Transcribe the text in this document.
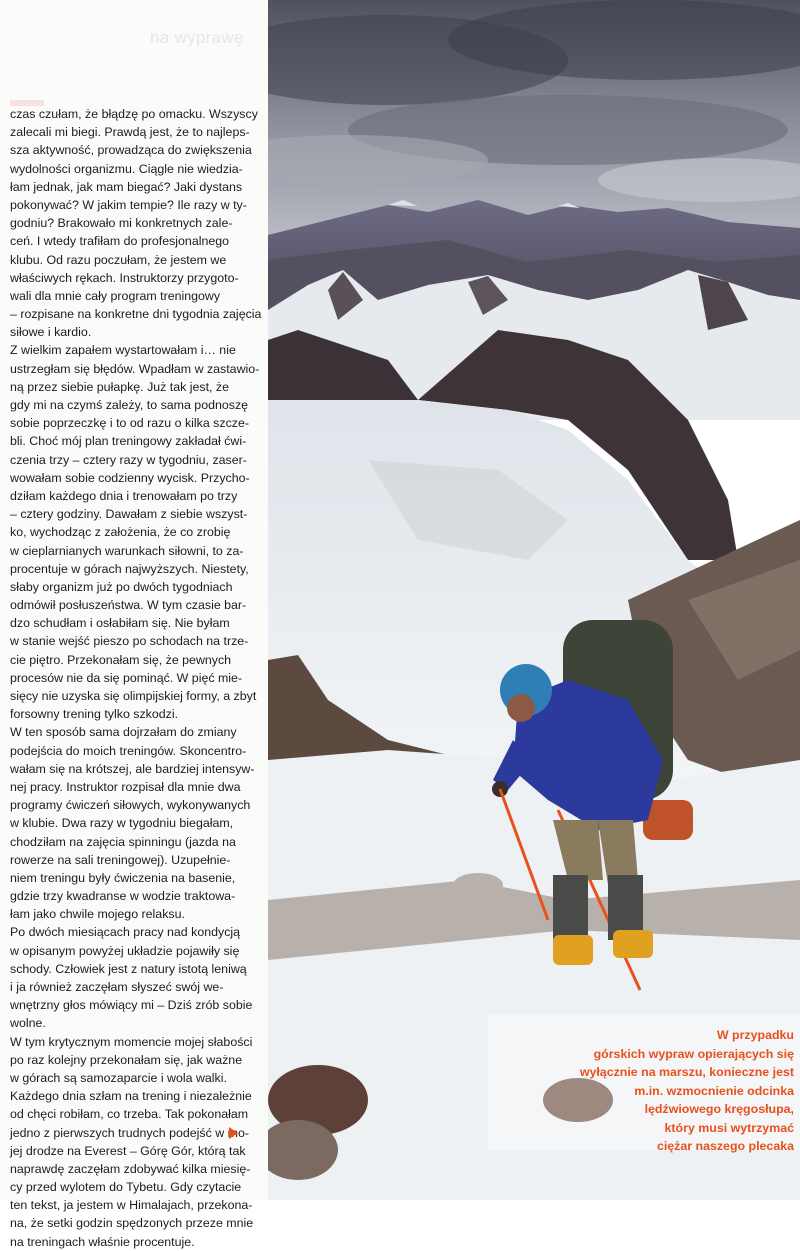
na wyprawę
czas czułam, że błądzę po omacku. Wszyscy
zalecali mi biegi. Prawdą jest, że to najleps-
sza aktywność, prowadząca do zwiększenia
wydolności organizmu. Ciągle nie wiedzia-
łam jednak, jak mam biegać? Jaki dystans
pokonywać? W jakim tempie? Ile razy w ty-
godniu? Brakowało mi konkretnych zale-
ceń. I wtedy trafiłam do profesjonalnego
klubu. Od razu poczułam, że jestem we
właściwych rękach. Instruktorzy przygoto-
wali dla mnie cały program treningowy
– rozpisane na konkretne dni tygodnia zajęcia
siłowe i kardio.
Z wielkim zapałem wystartowałam i… nie
ustrzegłam się błędów. Wpadłam w zastawio-
ną przez siebie pułapkę. Już tak jest, że
gdy mi na czymś zależy, to sama podnoszę
sobie poprzeczkę i to od razu o kilka szcze-
bli. Choć mój plan treningowy zakładał ćwi-
czenia trzy – cztery razy w tygodniu, zaser-
wowałam sobie codzienny wycisk. Przycho-
dziłam każdego dnia i trenowałam po trzy
– cztery godziny. Dawałam z siebie wszyst-
ko, wychodząc z założenia, że co zrobię
w cieplarnianych warunkach siłowni, to za-
procentuje w górach najwyższych. Niestety,
słaby organizm już po dwóch tygodniach
odmówił posłuszeństwa. W tym czasie bar-
dzo schudłam i osłabiłam się. Nie byłam
w stanie wejść pieszo po schodach na trze-
cie piętro. Przekonałam się, że pewnych
procesów nie da się pominąć. W pięć mie-
sięcy nie uzyska się olimpijskiej formy, a zbyt
forsowny trening tylko szkodzi.
W ten sposób sama dojrzałam do zmiany
podejścia do moich treningów. Skoncentro-
wałam się na krótszej, ale bardziej intensyw-
nej pracy. Instruktor rozpisał dla mnie dwa
programy ćwiczeń siłowych, wykonywanych
w klubie. Dwa razy w tygodniu biegałam,
chodziłam na zajęcia spinningu (jazda na
rowerze na sali treningowej). Uzupełnie-
niem treningu były ćwiczenia na basenie,
gdzie trzy kwadranse w wodzie traktowa-
łam jako chwile mojego relaksu.
Po dwóch miesiącach pracy nad kondycją
w opisanym powyżej układzie pojawiły się
schody. Człowiek jest z natury istotą leniwą
i ja również zaczęłam słyszeć swój we-
wnętrzny głos mówiący mi – Dziś zrób sobie
wolne.
W tym krytycznym momencie mojej słabości
po raz kolejny przekonałam się, jak ważne
w górach są samozaparcie i wola walki.
Każdego dnia szłam na trening i niezależnie
od chęci robiłam, co trzeba. Tak pokonałam
jedno z pierwszych trudnych podejść w mo-
jej drodze na Everest – Górę Gór, którą tak
naprawdę zaczęłam zdobywać kilka miesię-
cy przed wylotem do Tybetu. Gdy czytacie
ten tekst, ja jestem w Himalajach, przekona-
na, że setki godzin spędzonych przeze mnie
na treningach właśnie procentuje.
W przypadku
górskich wypraw opierających się
wyłącznie na marszu, konieczne jest
m.in. wzmocnienie odcinka
lędźwiowego kręgosłupa,
który musi wytrzymać
ciężar naszego plecaka
